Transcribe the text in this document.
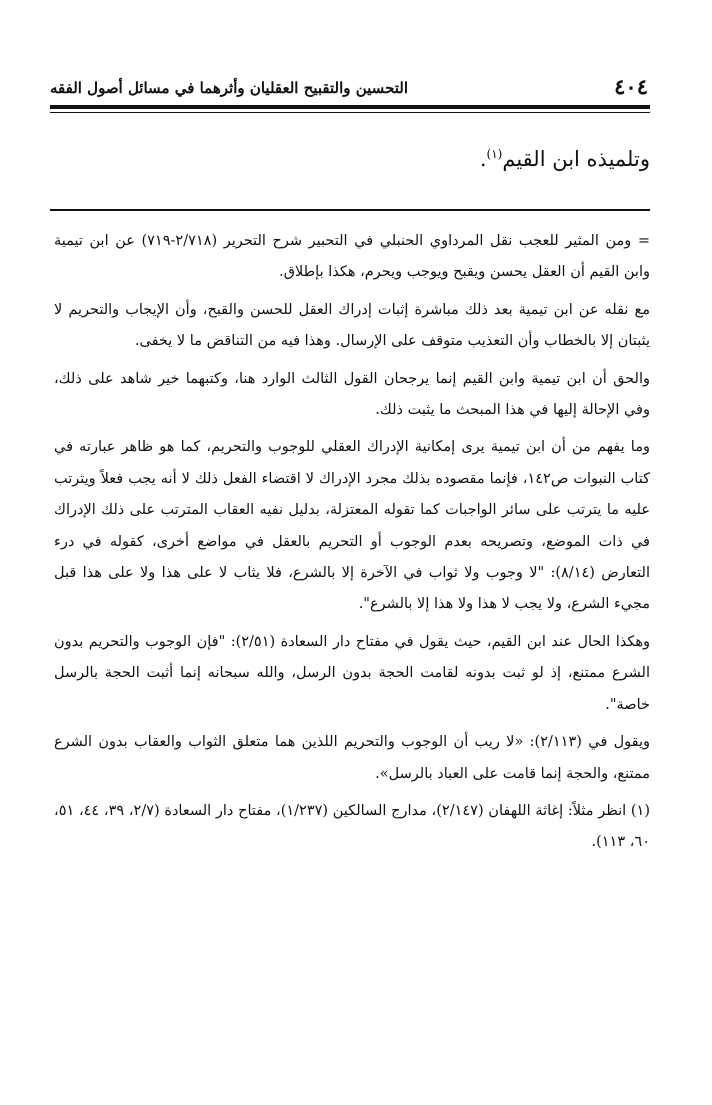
٤٠٤
التحسين والتقبيح العقليان وأثرهما في مسائل أصول الفقه
وتلميذه ابن القيم$^{(١)}$.

= ومن المثير للعجب نقل المرداوي الحنبلي في التحبير شرح التحرير (٢/٧١٨-٧١٩) عن ابن تيمية وابن القيم أن العقل يحسن ويقبح ويوجب ويحرم، هكذا بإطلاق.

مع نقله عن ابن تيمية بعد ذلك مباشرة إثبات إدراك العقل للحسن والقبح، وأن الإيجاب والتحريم لا يثبتان إلا بالخطاب وأن التعذيب متوقف على الإرسال. وهذا فيه من التناقض ما لا يخفى.

والحق أن ابن تيمية وابن القيم إنما يرجحان القول الثالث الوارد هنا، وكتبهما خير شاهد على ذلك، وفي الإحالة إليها في هذا المبحث ما يثبت ذلك.

وما يفهم من أن ابن تيمية يرى إمكانية الإدراك العقلي للوجوب والتحريم، كما هو ظاهر عبارته في كتاب النبوات ص١٤٢، فإنما مقصوده بذلك مجرد الإدراك لا اقتضاء الفعل ذلك لا أنه يجب فعلاً ويترتب عليه ما يترتب على سائر الواجبات كما تقوله المعتزلة، بدليل نفيه العقاب المترتب على ذلك الإدراك في ذات الموضع، وتصريحه بعدم الوجوب أو التحريم بالعقل في مواضع أخرى، كقوله في درء التعارض (٨/١٤): "لا وجوب ولا ثواب في الآخرة إلا بالشرع، فلا يثاب لا على هذا ولا على هذا قبل مجيء الشرع، ولا يجب لا هذا ولا هذا إلا بالشرع".

وهكذا الحال عند ابن القيم، حيث يقول في مفتاح دار السعادة (٢/٥١): "فإن الوجوب والتحريم بدون الشرع ممتنع، إذ لو ثبت بدونه لقامت الحجة بدون الرسل، والله سبحانه إنما أثبت الحجة بالرسل خاصة".

ويقول في (٢/١١٣): «لا ريب أن الوجوب والتحريم اللذين هما متعلق الثواب والعقاب بدون الشرع ممتنع، والحجة إنما قامت على العباد بالرسل».

(١) انظر مثلاً: إغاثة اللهفان (٢/١٤٧)، مدارج السالكين (١/٢٣٧)، مفتاح دار السعادة (٢/٧، ٣٩، ٤٤، ٥١، ٦٠، ١١٣).
